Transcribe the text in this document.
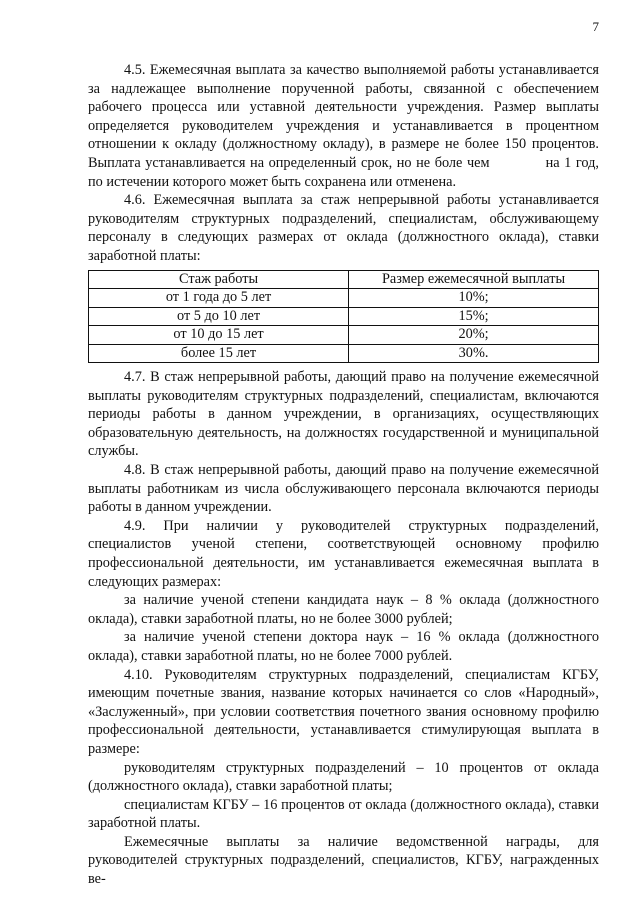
7

4.5. Ежемесячная выплата за качество выполняемой работы устанавливается за надлежащее выполнение порученной работы, связанной с обеспечением рабочего процесса или уставной деятельности учреждения. Размер выплаты определяется руководителем учреждения и устанавливается в процентном отношении к окладу (должностному окладу), в размере не более 150 процентов. Выплата устанавливается на определенный срок, но не боле чем	на 1 год, по истечении которого может быть сохранена или отменена.

4.6. Ежемесячная выплата за стаж непрерывной работы устанавливается руководителям структурных подразделений, специалистам, обслуживающему персоналу в следующих размерах от оклада (должностного оклада), ставки заработной платы:

Стаж работы	Размер ежемесячной выплаты
от 1 года до 5 лет	10%;
от 5 до 10 лет	15%;
от 10 до 15 лет	20%;
более 15 лет	30%.

4.7. В стаж непрерывной работы, дающий право на получение ежемесячной выплаты руководителям структурных подразделений, специалистам, включаются периоды работы в данном учреждении, в организациях, осуществляющих образовательную деятельность, на должностях государственной и муниципальной службы.

4.8. В стаж непрерывной работы, дающий право на получение ежемесячной выплаты работникам из числа обслуживающего персонала включаются периоды работы в данном учреждении.

4.9. При наличии у руководителей структурных подразделений, специалистов ученой степени, соответствующей основному профилю профессиональной деятельности, им устанавливается ежемесячная выплата в следующих размерах:

за наличие ученой степени кандидата наук – 8 % оклада (должностного оклада), ставки заработной платы, но не более 3000 рублей;

за наличие ученой степени доктора наук – 16 % оклада (должностного оклада), ставки заработной платы, но не более 7000 рублей.

4.10. Руководителям структурных подразделений, специалистам КГБУ, имеющим почетные звания, название которых начинается со слов «Народный», «Заслуженный», при условии соответствия почетного звания основному профилю профессиональной деятельности, устанавливается стимулирующая выплата в размере:

руководителям структурных подразделений – 10 процентов от оклада (должностного оклада), ставки заработной платы;

специалистам КГБУ – 16 процентов от оклада (должностного оклада), ставки заработной платы.

Ежемесячные выплаты за наличие ведомственной награды, для руководителей структурных подразделений, специалистов, КГБУ, награжденных ве-
